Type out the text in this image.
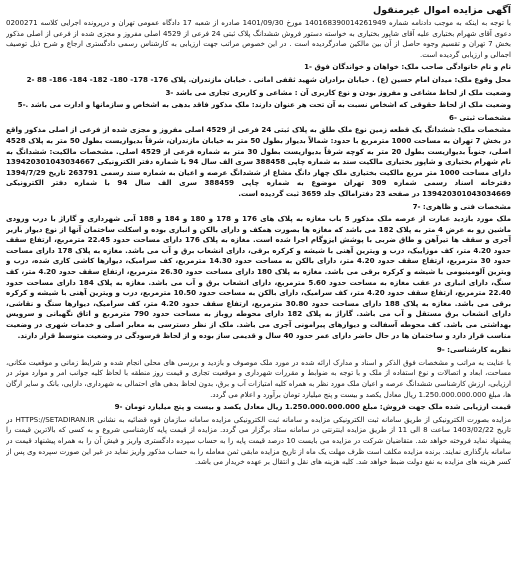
آگهی مزایده اموال غیرمنقول

با توجه به اینکه به موجب دادنامه شماره 140168390014261949 مورخ 1401/09/30 صادره از شعبه 17 دادگاه عمومی تهران و درپرونده اجرایی کلاسه 0200271 دعوی آقای شهرام بختیاری علیه آقای شاپور بختیاری به خواسته دستور فروش ششدانگ پلاک ثبتی 24 فرعی از 4529 اصلی مفروز و مجزی شده از فرعی از اصلی مذکور بخش 7 تهران و تقسیم وجوه حاصل از آن بین مالکین صادرگردیده است . در این خصوص مراتب جهت ارزیابی به کارشناس رسمی دادگستری ارجاع و شرح ذیل توصیف اجمالی و ارزیابی گردیده است.

نام و نام خانوادگی صاحب ملک: خواهان و خواندگان فوق -1

محل وقوع ملک: میدان امام حسین (ع) . خیابان برادران شهید ثقفی امانی . خیابان مازندران. پلاک 176- 178- 180- 182- 184- 186- 88 -2

وضعیت ملک از لحاظ مشاعی و مفروز بودن و نوع کاربری آن : مشاعی و کاربری تجاری می باشد -3

وضعیت ملک از لحاظ حقوقی که اشخاص نسبت به آن تحت هر عنوان دارند: ملک مذکور فاقد بدهی به اشخاص و سازمانها و ادارت می باشد .-5

مشخصات ثبتی -6

مشخصات ملک: ششدانگ یک قطعه زمین نوع ملک طلق به پلاک ثبتی 24 فرعی از 4529 اصلی مفروز و مجزی شده از فرعی از اصلی مذکور واقع در بخش 7 تهران به مساحت 1000 مترمربع با حدود: شمالاً بدیوار بطول 50 متر به خیابان مازندران، شرقاً بدیواریست بطول 50 متر به پلاک 4528 اصلی، جنوباً بدیواریست بطول 20 متر به کوچه شرقاً بدیواریست بطول 30 متر به شماره فرعی از 4529 اصلی. مشخصات مالکیت: ششدانگ به نام شهرام بختیاری و شاپور بختیاری مالکیت سند به شماره چاپی 388458 سری الف سال 94 با شماره دفتر الکترونیکی 139420301043034667 دارای مساحت 1000 متر مربع مالکیت بختیاری ملک چهار دانگ مشاع از ششدانگ عرصه و اعیان به شماره سند رسمی 263791 تاریخ 1394/7/29 دفترخانه اسناد رسمی شماره 309 تهران موضوع به شماره چاپی 388459 سری الف سال 94 با شماره دفتر الکترونیکی 139420301043034669 در صفحه 23 دفترامالک جلد 3659 ثبت گردیده است.

مشخصات فنی و ظاهری: -7

ملک مورد بازدید عبارت از عرصه ملک مذکور 5 باب مغازه به پلاک های 176 و 178 و 180 و 184 و 188 آبی شهرداری و گاراژ با درب ورودی ماشین رو به عرض 4 متر به پلاک 182 می باشد که مغازه ها بصورت همکف و دارای بالکن و انباری بوده و اسکلت ساختمان آنها از نوع دیوار باربر آجری و سقف ها تیرآهن و طاق ضربی با پوشش ایزوگام اجرا شده است. مغازه به پلاک 176 دارای مساحت حدود 22.45 مترمربع، ارتفاع سقف حدود 4.20 متر، کف موزاییک، درب و ویترین آهنی با شیشه و کرکره برقی، دارای انشعاب برق و آب می باشد. مغازه به پلاک 178 دارای مساحت حدود 30 مترمربع، ارتفاع سقف حدود 4.20 متر، دارای بالکن به مساحت حدود 14.30 مترمربع، کف سرامیک، دیوارها کاشی کاری شده، درب و ویترین آلومینیومی با شیشه و کرکره برقی می باشد. مغازه به پلاک 180 دارای مساحت حدود 26.30 مترمربع، ارتفاع سقف حدود 4.20 متر، کف سنگ، دارای انباری در عقب مغازه به مساحت حدود 5.60 مترمربع، دارای انشعاب برق و آب می باشد. مغازه به پلاک 184 دارای مساحت حدود 22.40 مترمربع، ارتفاع سقف حدود 4.20 متر، کف سرامیک، دارای بالکن به مساحت حدود 10.50 مترمربع، درب و ویترین آهنی با شیشه و کرکره برقی می باشد. مغازه به پلاک 188 دارای مساحت حدود 30.80 مترمربع، ارتفاع سقف حدود 4.20 متر، کف سرامیک، دیوارها سنگ و نقاشی، دارای انشعاب برق مستقل و آب می باشد. گاراژ به پلاک 182 دارای محوطه روباز به مساحت حدود 790 مترمربع و اتاق نگهبانی و سرویس بهداشتی می باشد. کف محوطه آسفالت و دیوارهای پیرامونی آجری می باشد. ملک از نظر دسترسی به معابر اصلی و خدمات شهری در وضعیت مناسب قرار دارد و ساختمان ها در حال حاضر دارای عمر حدود 40 سال و قدیمی ساز بوده و از لحاظ فرسودگی در وضعیت متوسط قرار دارند.

نظریه کارشناسی: -9

با عنایت به مراتب و مشخصات فوق الذکر و اسناد و مدارک ارائه شده در مورد ملک موصوف و بازدید و بررسی های محلی انجام شده و شرایط زمانی و موقعیت مکانی، مساحت، ابعاد و اتصالات و نوع استفاده از ملک و با توجه به ضوابط و مقررات شهرداری و موقعیت تجاری و قیمت روز منطقه با لحاظ کلیه جوانب امر و موارد موثر در ارزیابی، ارزش کارشناسی ششدانگ عرصه و اعیان ملک مورد نظر به همراه کلیه امتیازات آب و برق، بدون لحاظ بدهی های احتمالی به شهرداری، دارایی، بانک و سایر ارگان ها، مبلغ 1.250.000.000.000 ریال معادل یکصد و بیست و پنج میلیارد تومان برآورد و اعلام می گردد.

قیمت ارزیابی شده ملک جهت فروش: مبلغ 1.250.000.000.000 ریال معادل یکصد و بیست و پنج میلیارد تومان -9

مزایده بصورت الکترونیکی از طریق سامانه ثبت الکترونیکی مزایده و سامانه ثبت الکترونیکی مزایده سامانه سازمان قوه قضائیه به نشانی HTTPS://SETADIRAN.IR در تاریخ 1403/02/22 ساعت 8 الی 11 از طریق مزایده اینترنتی در سامانه ستاد برگزار می گردد. مزایده از قیمت پایه کارشناسی شروع و به کسی که بالاترین قیمت را پیشنهاد نماید فروخته خواهد شد. متقاضیان شرکت در مزایده می بایست 10 درصد قیمت پایه را به حساب سپرده دادگستری واریز و فیش آن را به همراه پیشنهاد قیمت در سامانه بارگذاری نمایند. برنده مزایده مکلف است ظرف مهلت یک ماه از تاریخ مزایده مابقی ثمن معامله را به حساب مذکور واریز نماید در غیر این صورت سپرده وی پس از کسر هزینه های مزایده به نفع دولت ضبط خواهد شد. کلیه هزینه های نقل و انتقال بر عهده خریدار می باشد.
